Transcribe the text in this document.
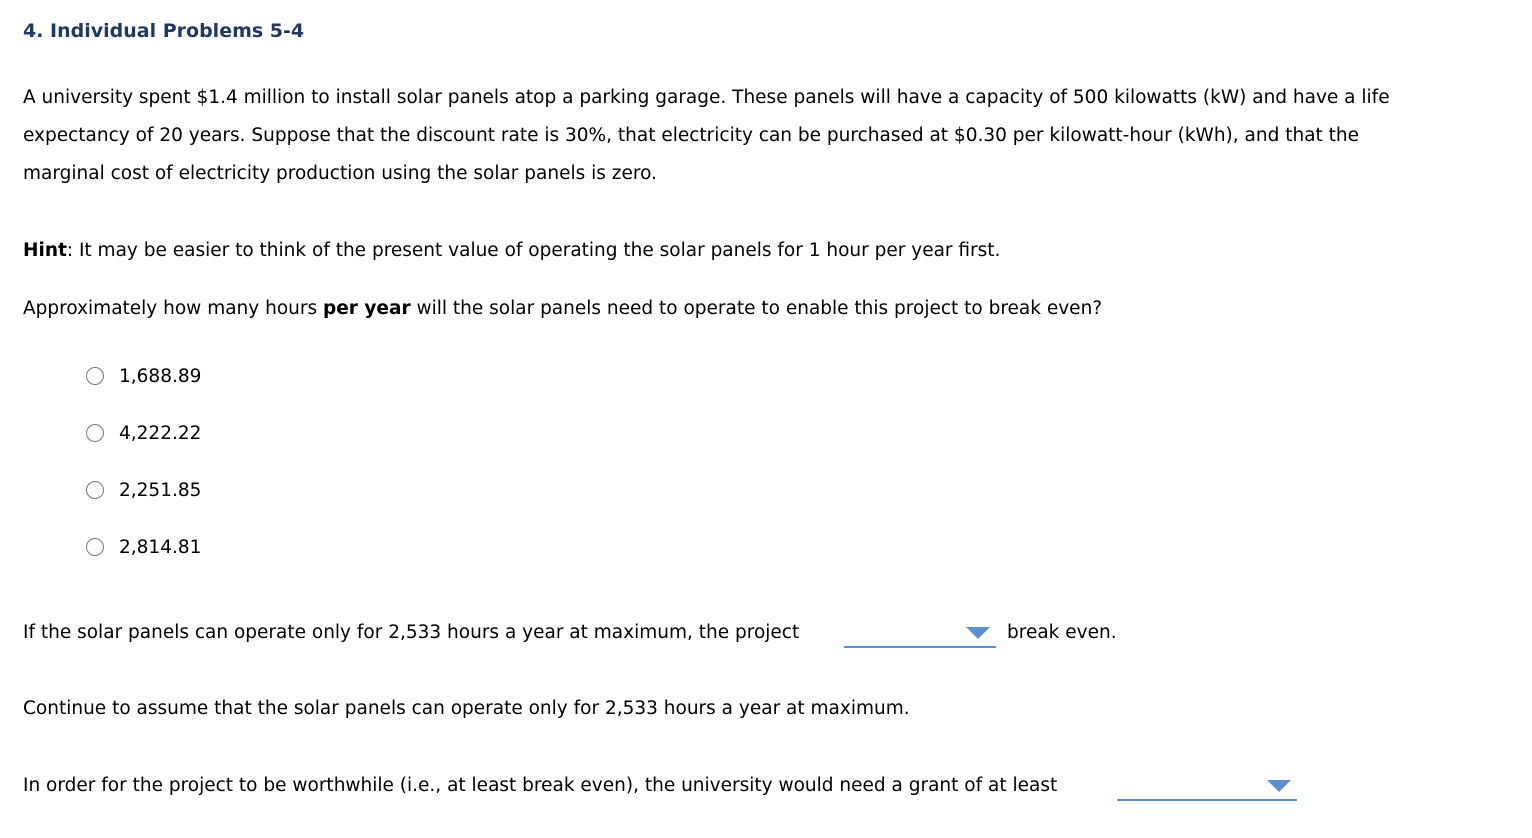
4. Individual Problems 5-4
A university spent $1.4 million to install solar panels atop a parking garage. These panels will have a capacity of 500 kilowatts (kW) and have a life
expectancy of 20 years. Suppose that the discount rate is 30%, that electricity can be purchased at $0.30 per kilowatt-hour (kWh), and that the
marginal cost of electricity production using the solar panels is zero.
Hint: It may be easier to think of the present value of operating the solar panels for 1 hour per year first.
Approximately how many hours per year will the solar panels need to operate to enable this project to break even?
1,688.89
4,222.22
2,251.85
2,814.81
If the solar panels can operate only for 2,533 hours a year at maximum, the project	break even.
Continue to assume that the solar panels can operate only for 2,533 hours a year at maximum.
In order for the project to be worthwhile (i.e., at least break even), the university would need a grant of at least
